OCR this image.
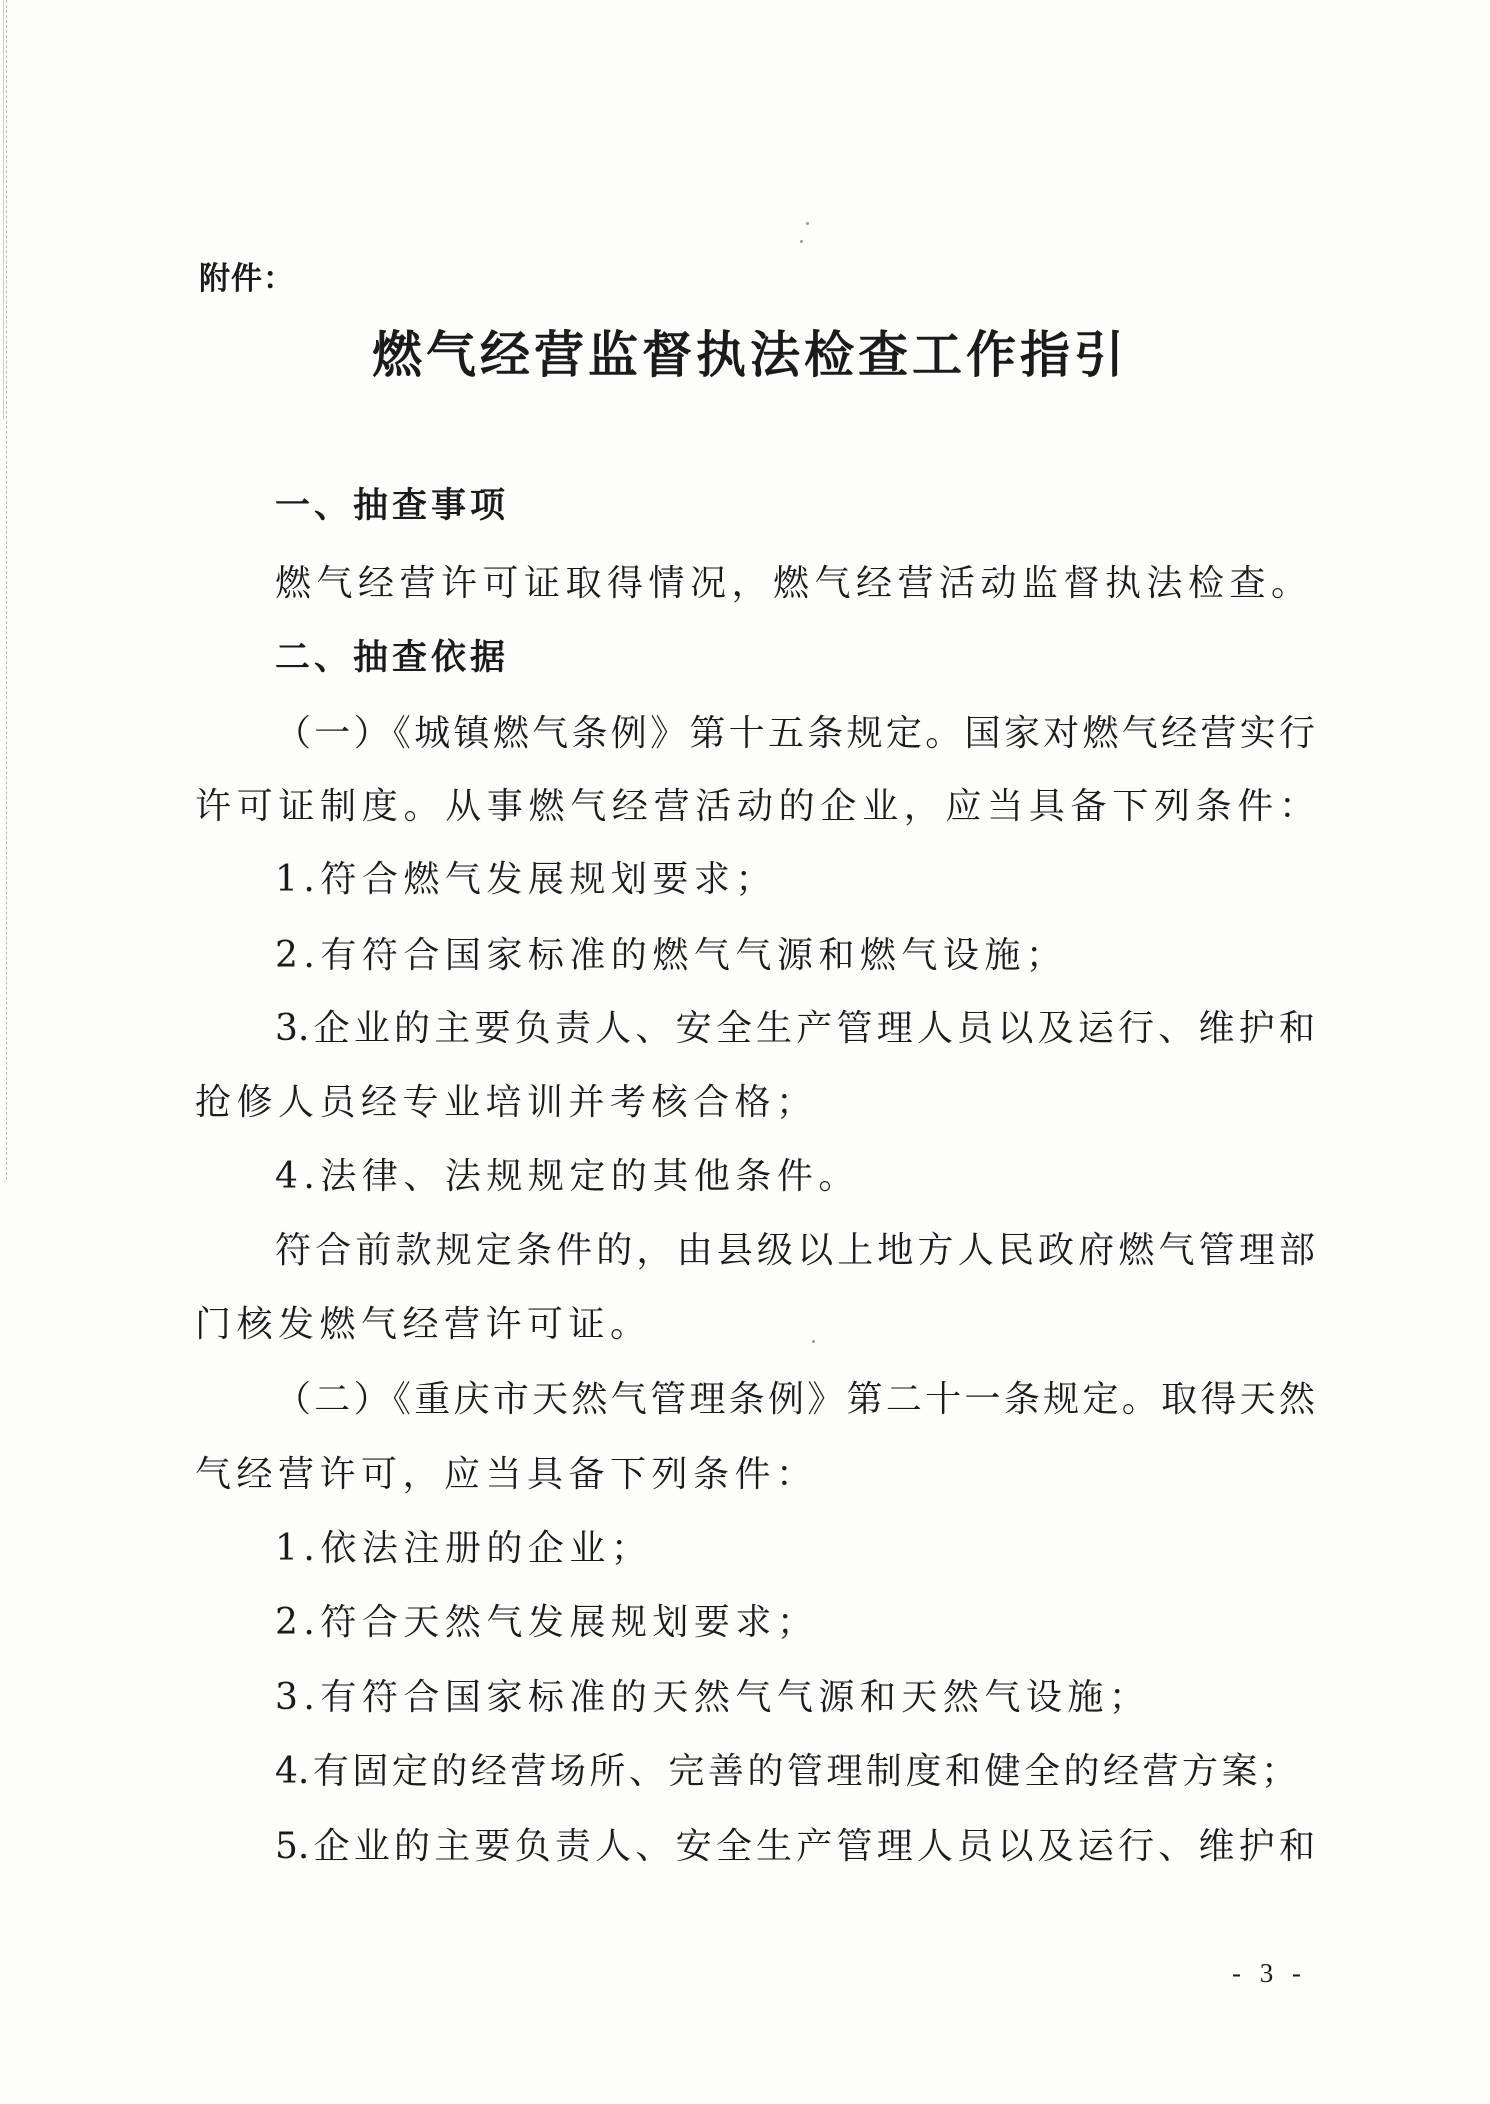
附件：
燃气经营监督执法检查工作指引
一、抽查事项
燃气经营许可证取得情况，燃气经营活动监督执法检查。
二、抽查依据
（一）《城镇燃气条例》第十五条规定。国家对燃气经营实行
许可证制度。从事燃气经营活动的企业，应当具备下列条件：
1.符合燃气发展规划要求；
2.有符合国家标准的燃气气源和燃气设施；
3.企业的主要负责人、安全生产管理人员以及运行、维护和
抢修人员经专业培训并考核合格；
4.法律、法规规定的其他条件。
符合前款规定条件的，由县级以上地方人民政府燃气管理部
门核发燃气经营许可证。
（二）《重庆市天然气管理条例》第二十一条规定。取得天然
气经营许可，应当具备下列条件：
1.依法注册的企业；
2.符合天然气发展规划要求；
3.有符合国家标准的天然气气源和天然气设施；
4.有固定的经营场所、完善的管理制度和健全的经营方案；
5.企业的主要负责人、安全生产管理人员以及运行、维护和
- 3 -
